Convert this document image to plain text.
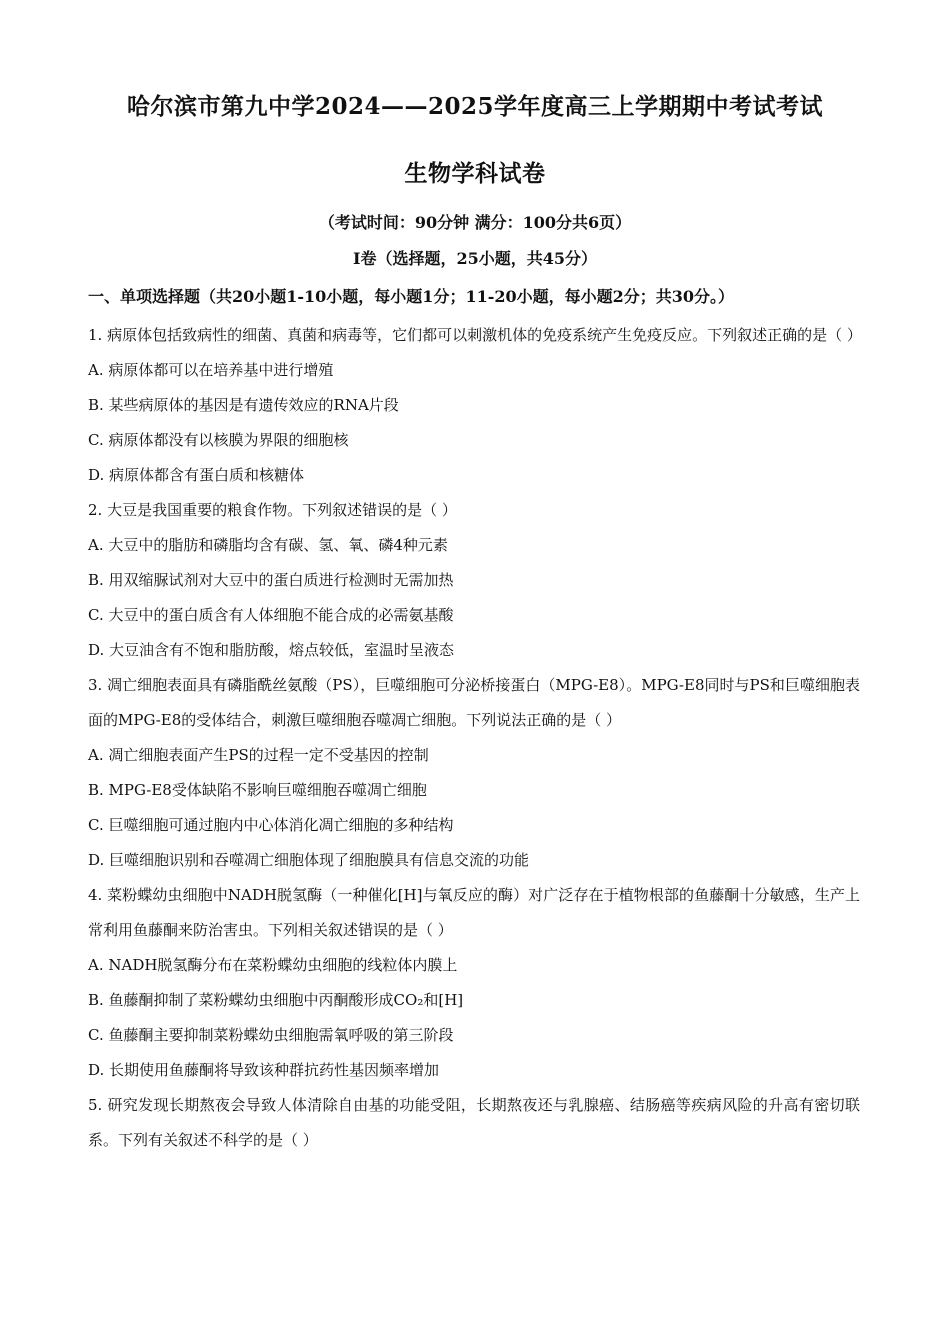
哈尔滨市第九中学2024——2025学年度高三上学期期中考试考试
生物学科试卷
（考试时间：90分钟 满分：100分共6页）
Ⅰ卷（选择题，25小题，共45分）
一、单项选择题（共20小题1-10小题，每小题1分；11-20小题，每小题2分；共30分。）
1. 病原体包括致病性的细菌、真菌和病毒等，它们都可以刺激机体的免疫系统产生免疫反应。下列叙述正确的是（ ）
A. 病原体都可以在培养基中进行增殖
B. 某些病原体的基因是有遗传效应的RNA片段
C. 病原体都没有以核膜为界限的细胞核
D. 病原体都含有蛋白质和核糖体
2. 大豆是我国重要的粮食作物。下列叙述错误的是（ ）
A. 大豆中的脂肪和磷脂均含有碳、氢、氧、磷4种元素
B. 用双缩脲试剂对大豆中的蛋白质进行检测时无需加热
C. 大豆中的蛋白质含有人体细胞不能合成的必需氨基酸
D. 大豆油含有不饱和脂肪酸，熔点较低，室温时呈液态
3. 凋亡细胞表面具有磷脂酰丝氨酸（PS），巨噬细胞可分泌桥接蛋白（MPG-E8）。MPG-E8同时与PS和巨噬细胞表面的MPG-E8的受体结合，刺激巨噬细胞吞噬凋亡细胞。下列说法正确的是（ ）
A. 凋亡细胞表面产生PS的过程一定不受基因的控制
B. MPG-E8受体缺陷不影响巨噬细胞吞噬凋亡细胞
C. 巨噬细胞可通过胞内中心体消化凋亡细胞的多种结构
D. 巨噬细胞识别和吞噬凋亡细胞体现了细胞膜具有信息交流的功能
4. 菜粉蝶幼虫细胞中NADH脱氢酶（一种催化[H]与氧反应的酶）对广泛存在于植物根部的鱼藤酮十分敏感，生产上常利用鱼藤酮来防治害虫。下列相关叙述错误的是（ ）
A. NADH脱氢酶分布在菜粉蝶幼虫细胞的线粒体内膜上
B. 鱼藤酮抑制了菜粉蝶幼虫细胞中丙酮酸形成CO₂和[H]
C. 鱼藤酮主要抑制菜粉蝶幼虫细胞需氧呼吸的第三阶段
D. 长期使用鱼藤酮将导致该种群抗药性基因频率增加
5. 研究发现长期熬夜会导致人体清除自由基的功能受阻，长期熬夜还与乳腺癌、结肠癌等疾病风险的升高有密切联系。下列有关叙述不科学的是（ ）
